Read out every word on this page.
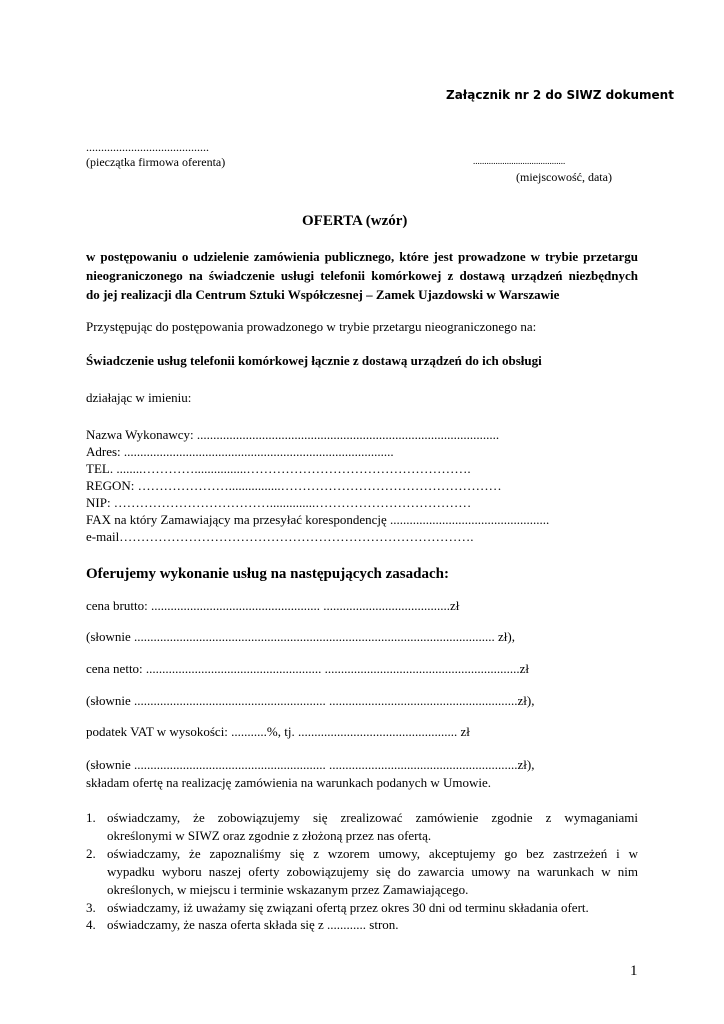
Załącznik nr 2 do SIWZ dokument
.........................................
(pieczątka firmowa oferenta)	.........................................
(miejscowość, data)
OFERTA (wzór)
w postępowaniu o udzielenie zamówienia publicznego, które jest prowadzone w trybie przetargu
nieograniczonego na świadczenie usługi telefonii komórkowej z dostawą urządzeń niezbędnych
do jej realizacji dla Centrum Sztuki Współczesnej – Zamek Ujazdowski w Warszawie
Przystępując do postępowania prowadzonego w trybie przetargu nieograniczonego na:
Świadczenie usług telefonii komórkowej łącznie z dostawą urządzeń do ich obsługi
działając w imieniu:
Nazwa Wykonawcy: .............................................................................................
Adres: ...................................................................................
TEL. ........…………................…………………………………………….
REGON: …………………................……………………………………………
NIP: ………………………………..............………………………………
FAX na który Zamawiający ma przesyłać korespondencję .................................................
e-mail……………………………………………………………………….
Oferujemy wykonanie usług na następujących zasadach:
cena brutto: .................................................... .......................................zł
(słownie ............................................................................................................... zł),
cena netto: ...................................................... ............................................................zł
(słownie ........................................................... ..........................................................zł),
podatek VAT w wysokości: ...........%, tj. ................................................. zł
(słownie ........................................................... ..........................................................zł),
składam ofertę na realizację zamówienia na warunkach podanych w Umowie.
1. oświadczamy, że zobowiązujemy się zrealizować zamówienie zgodnie z wymaganiami
określonymi w SIWZ oraz zgodnie z złożoną przez nas ofertą.
2. oświadczamy, że zapoznaliśmy się z wzorem umowy, akceptujemy go bez zastrzeżeń i w
wypadku wyboru naszej oferty zobowiązujemy się do zawarcia umowy na warunkach w nim
określonych, w miejscu i terminie wskazanym przez Zamawiającego.
3. oświadczamy, iż uważamy się związani ofertą przez okres 30 dni od terminu składania ofert.
4. oświadczamy, że nasza oferta składa się z ............ stron.
1
